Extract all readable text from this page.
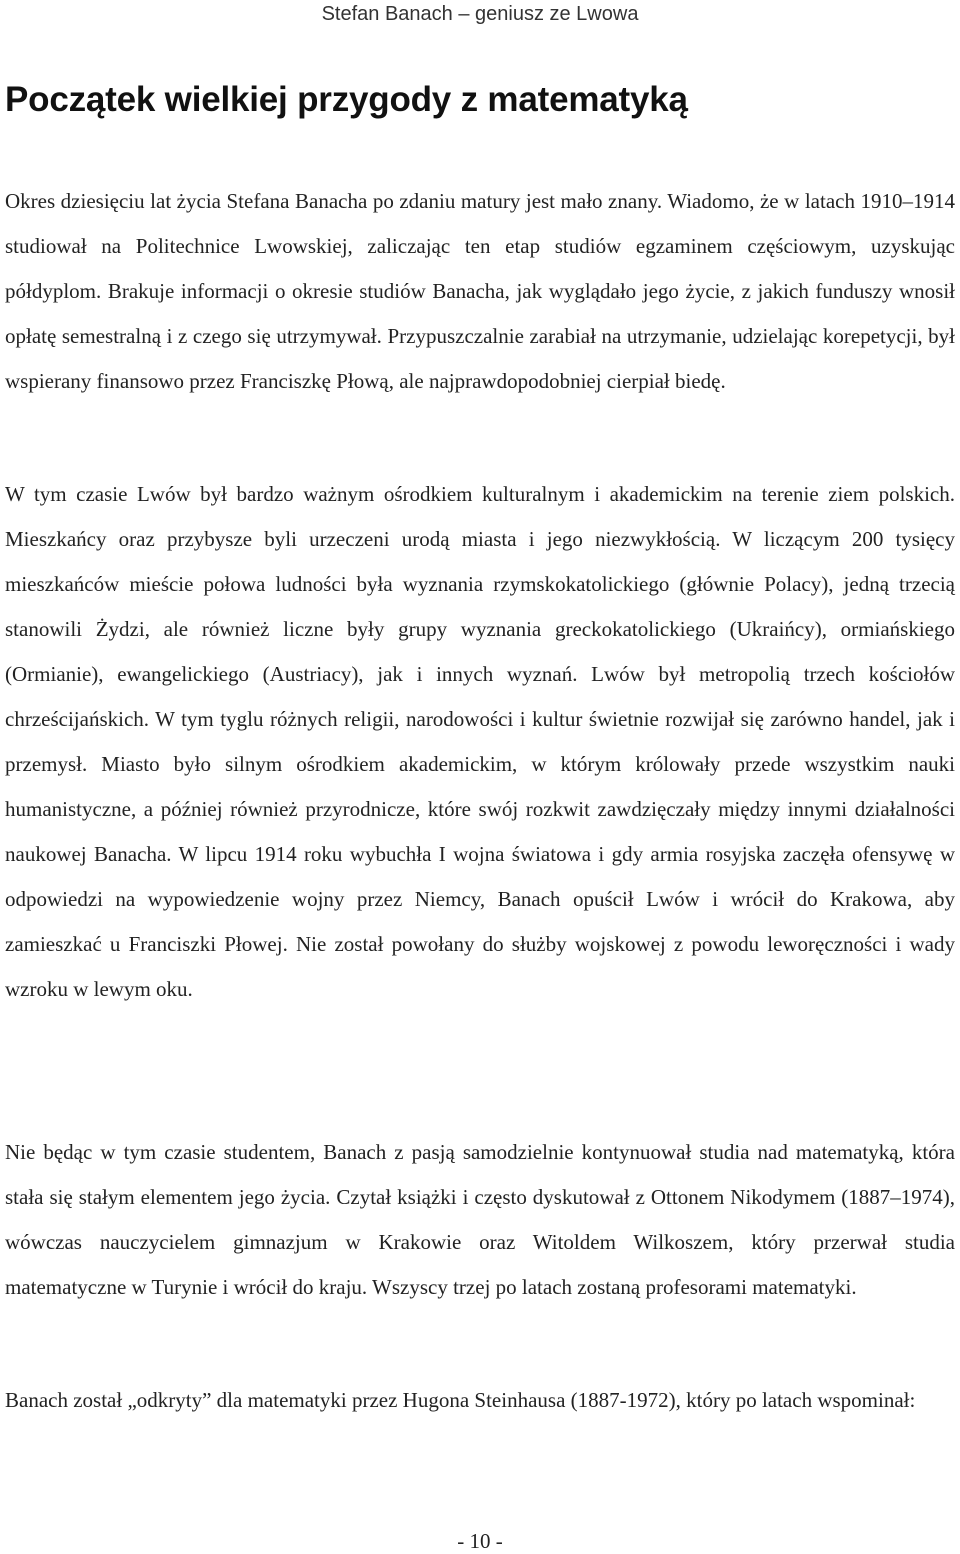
Stefan Banach – geniusz ze Lwowa
Początek wielkiej przygody z matematyką

Okres dziesięciu lat życia Stefana Banacha po zdaniu matury jest mało znany. Wiadomo, że w latach 1910–1914 studiował na Politechnice Lwowskiej, zaliczając ten etap studiów egzaminem częściowym, uzyskując półdyplom. Brakuje informacji o okresie studiów Banacha, jak wyglądało jego życie, z jakich funduszy wnosił opłatę semestralną i z czego się utrzymywał. Przypuszczalnie zarabiał na utrzymanie, udzielając korepetycji, był wspierany finansowo przez Franciszkę Płową, ale najprawdopodobniej cierpiał biedę.

W tym czasie Lwów był bardzo ważnym ośrodkiem kulturalnym i akademickim na terenie ziem polskich. Mieszkańcy oraz przybysze byli urzeczeni urodą miasta i jego niezwykłością. W liczącym 200 tysięcy mieszkańców mieście połowa ludności była wyznania rzymskokatolickiego (głównie Polacy), jedną trzecią stanowili Żydzi, ale również liczne były grupy wyznania greckokatolickiego (Ukraińcy), ormiańskiego (Ormianie), ewangelickiego (Austriacy), jak i innych wyznań. Lwów był metropolią trzech kościołów chrześcijańskich. W tym tyglu różnych religii, narodowości i kultur świetnie rozwijał się zarówno handel, jak i przemysł. Miasto było silnym ośrodkiem akademickim, w którym królowały przede wszystkim nauki humanistyczne, a później również przyrodnicze, które swój rozkwit zawdzięczały między innymi działalności naukowej Banacha. W lipcu 1914 roku wybuchła I wojna światowa i gdy armia rosyjska zaczęła ofensywę w odpowiedzi na wypowiedzenie wojny przez Niemcy, Banach opuścił Lwów i wrócił do Krakowa, aby zamieszkać u Franciszki Płowej. Nie został powołany do służby wojskowej z powodu leworęczności i wady wzroku w lewym oku.

Nie będąc w tym czasie studentem, Banach z pasją samodzielnie kontynuował studia nad matematyką, która stała się stałym elementem jego życia. Czytał książki i często dyskutował z Ottonem Nikodymem (1887–1974), wówczas nauczycielem gimnazjum w Krakowie oraz Witoldem Wilkoszem, który przerwał studia matematyczne w Turynie i wrócił do kraju. Wszyscy trzej po latach zostaną profesorami matematyki.

Banach został „odkryty” dla matematyki przez Hugona Steinhausa (1887-1972), który po latach wspominał:

- 10 -
